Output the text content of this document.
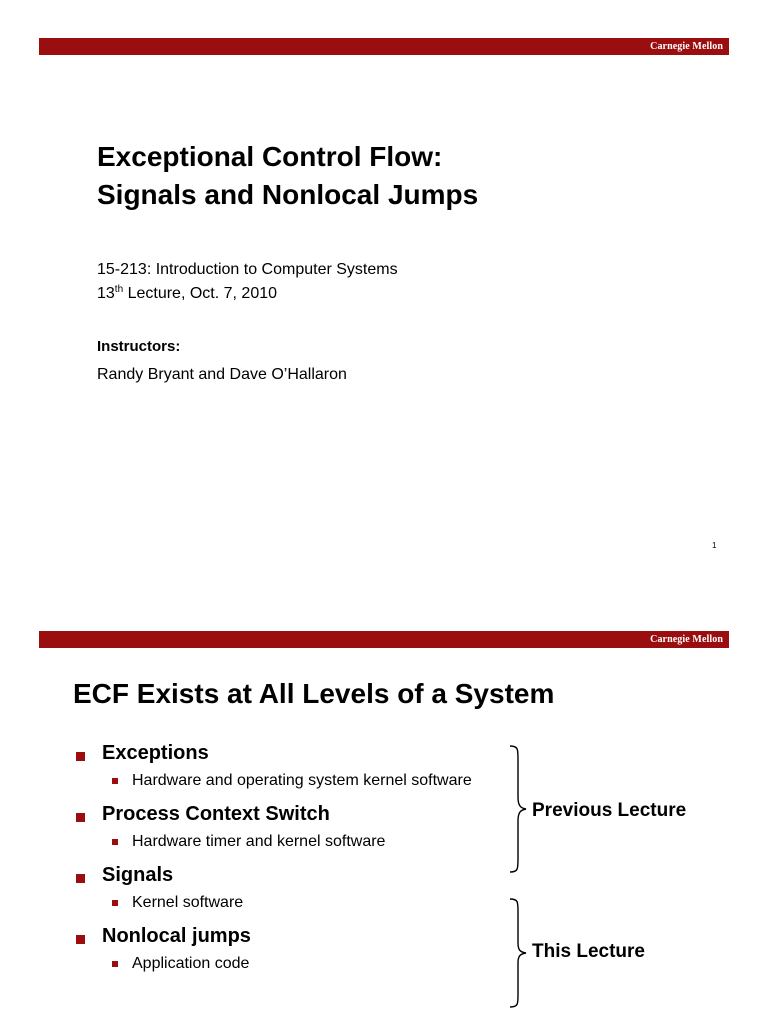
Carnegie Mellon
Exceptional Control Flow:
Signals and Nonlocal Jumps
15-213: Introduction to Computer Systems
13th Lecture, Oct. 7, 2010
Instructors:
Randy Bryant and Dave O’Hallaron
1
Carnegie Mellon
ECF Exists at All Levels of a System
Exceptions
Hardware and operating system kernel software
Process Context Switch
Hardware timer and kernel software
Signals
Kernel software
Nonlocal jumps
Application code
Previous Lecture
This Lecture
